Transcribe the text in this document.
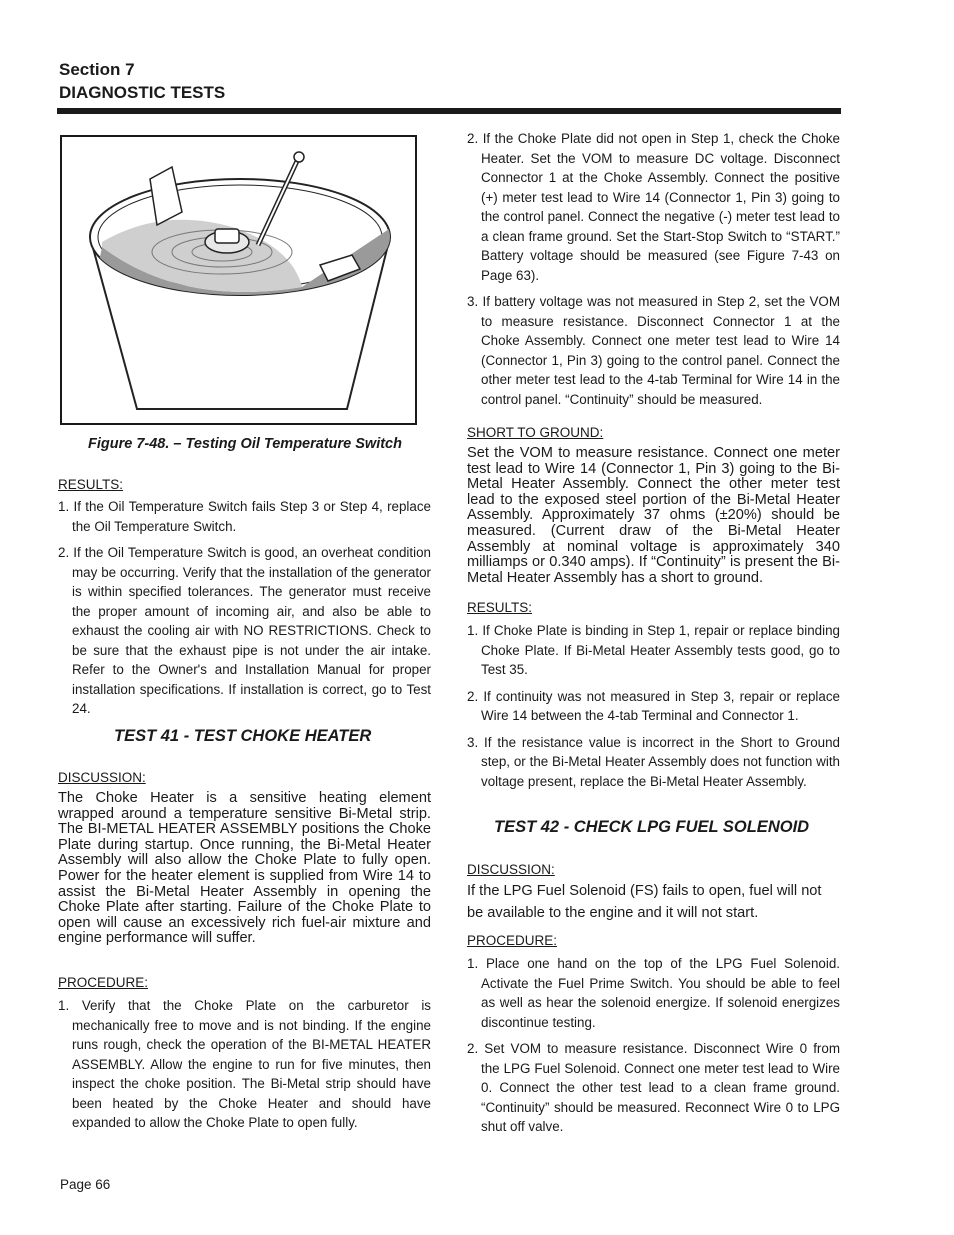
Section 7
DIAGNOSTIC TESTS
Figure 7-48. – Testing Oil Temperature Switch
RESULTS:
1. If the Oil Temperature Switch fails Step 3 or Step 4, replace the Oil Temperature Switch.
2. If the Oil Temperature Switch is good, an overheat condition may be occurring. Verify that the installation of the generator is within specified tolerances. The generator must receive the proper amount of incoming air, and also be able to exhaust the cooling air with NO RESTRICTIONS. Check to be sure that the exhaust pipe is not under the air intake. Refer to the Owner's and Installation Manual for proper installation specifications. If installation is correct, go to Test 24.
TEST 41 - TEST CHOKE HEATER
DISCUSSION:
The Choke Heater is a sensitive heating element wrapped around a temperature sensitive Bi-Metal strip. The BI-METAL HEATER ASSEMBLY positions the Choke Plate during startup. Once running, the Bi-Metal Heater Assembly will also allow the Choke Plate to fully open. Power for the heater element is supplied from Wire 14 to assist the Bi-Metal Heater Assembly in opening the Choke Plate after starting. Failure of the Choke Plate to open will cause an excessively rich fuel-air mixture and engine performance will suffer.
PROCEDURE:
1. Verify that the Choke Plate on the carburetor is mechanically free to move and is not binding. If the engine runs rough, check the operation of the BI-METAL HEATER ASSEMBLY. Allow the engine to run for five minutes, then inspect the choke position. The Bi-Metal strip should have been heated by the Choke Heater and should have expanded to allow the Choke Plate to open fully.
2. If the Choke Plate did not open in Step 1, check the Choke Heater. Set the VOM to measure DC voltage. Disconnect Connector 1 at the Choke Assembly. Connect the positive (+) meter test lead to Wire 14 (Connector 1, Pin 3) going to the control panel. Connect the negative (-) meter test lead to a clean frame ground. Set the Start-Stop Switch to “START.” Battery voltage should be measured (see Figure 7-43 on Page 63).
3. If battery voltage was not measured in Step 2, set the VOM to measure resistance. Disconnect Connector 1 at the Choke Assembly. Connect one meter test lead to Wire 14 (Connector 1, Pin 3) going to the control panel. Connect the other meter test lead to the 4-tab Terminal for Wire 14 in the control panel. “Continuity” should be measured.
SHORT TO GROUND:
Set the VOM to measure resistance. Connect one meter test lead to Wire 14 (Connector 1, Pin 3) going to the Bi-Metal Heater Assembly. Connect the other meter test lead to the exposed steel portion of the Bi-Metal Heater Assembly. Approximately 37 ohms (±20%) should be measured. (Current draw of the Bi-Metal Heater Assembly at nominal voltage is approximately 340 milliamps or 0.340 amps). If “Continuity” is present the Bi-Metal Heater Assembly has a short to ground.
RESULTS:
1. If Choke Plate is binding in Step 1, repair or replace binding Choke Plate. If Bi-Metal Heater Assembly tests good, go to Test 35.
2. If continuity was not measured in Step 3, repair or replace Wire 14 between the 4-tab Terminal and Connector 1.
3. If the resistance value is incorrect in the Short to Ground step, or the Bi-Metal Heater Assembly does not function with voltage present, replace the Bi-Metal Heater Assembly.
TEST 42 - CHECK LPG FUEL SOLENOID
DISCUSSION:
If the LPG Fuel Solenoid (FS) fails to open, fuel will not be available to the engine and it will not start.
PROCEDURE:
1. Place one hand on the top of the LPG Fuel Solenoid. Activate the Fuel Prime Switch. You should be able to feel as well as hear the solenoid energize. If solenoid energizes discontinue testing.
2. Set VOM to measure resistance. Disconnect Wire 0 from the LPG Fuel Solenoid. Connect one meter test lead to Wire 0. Connect the other test lead to a clean frame ground. “Continuity” should be measured. Reconnect Wire 0 to LPG shut off valve.
Page 66
